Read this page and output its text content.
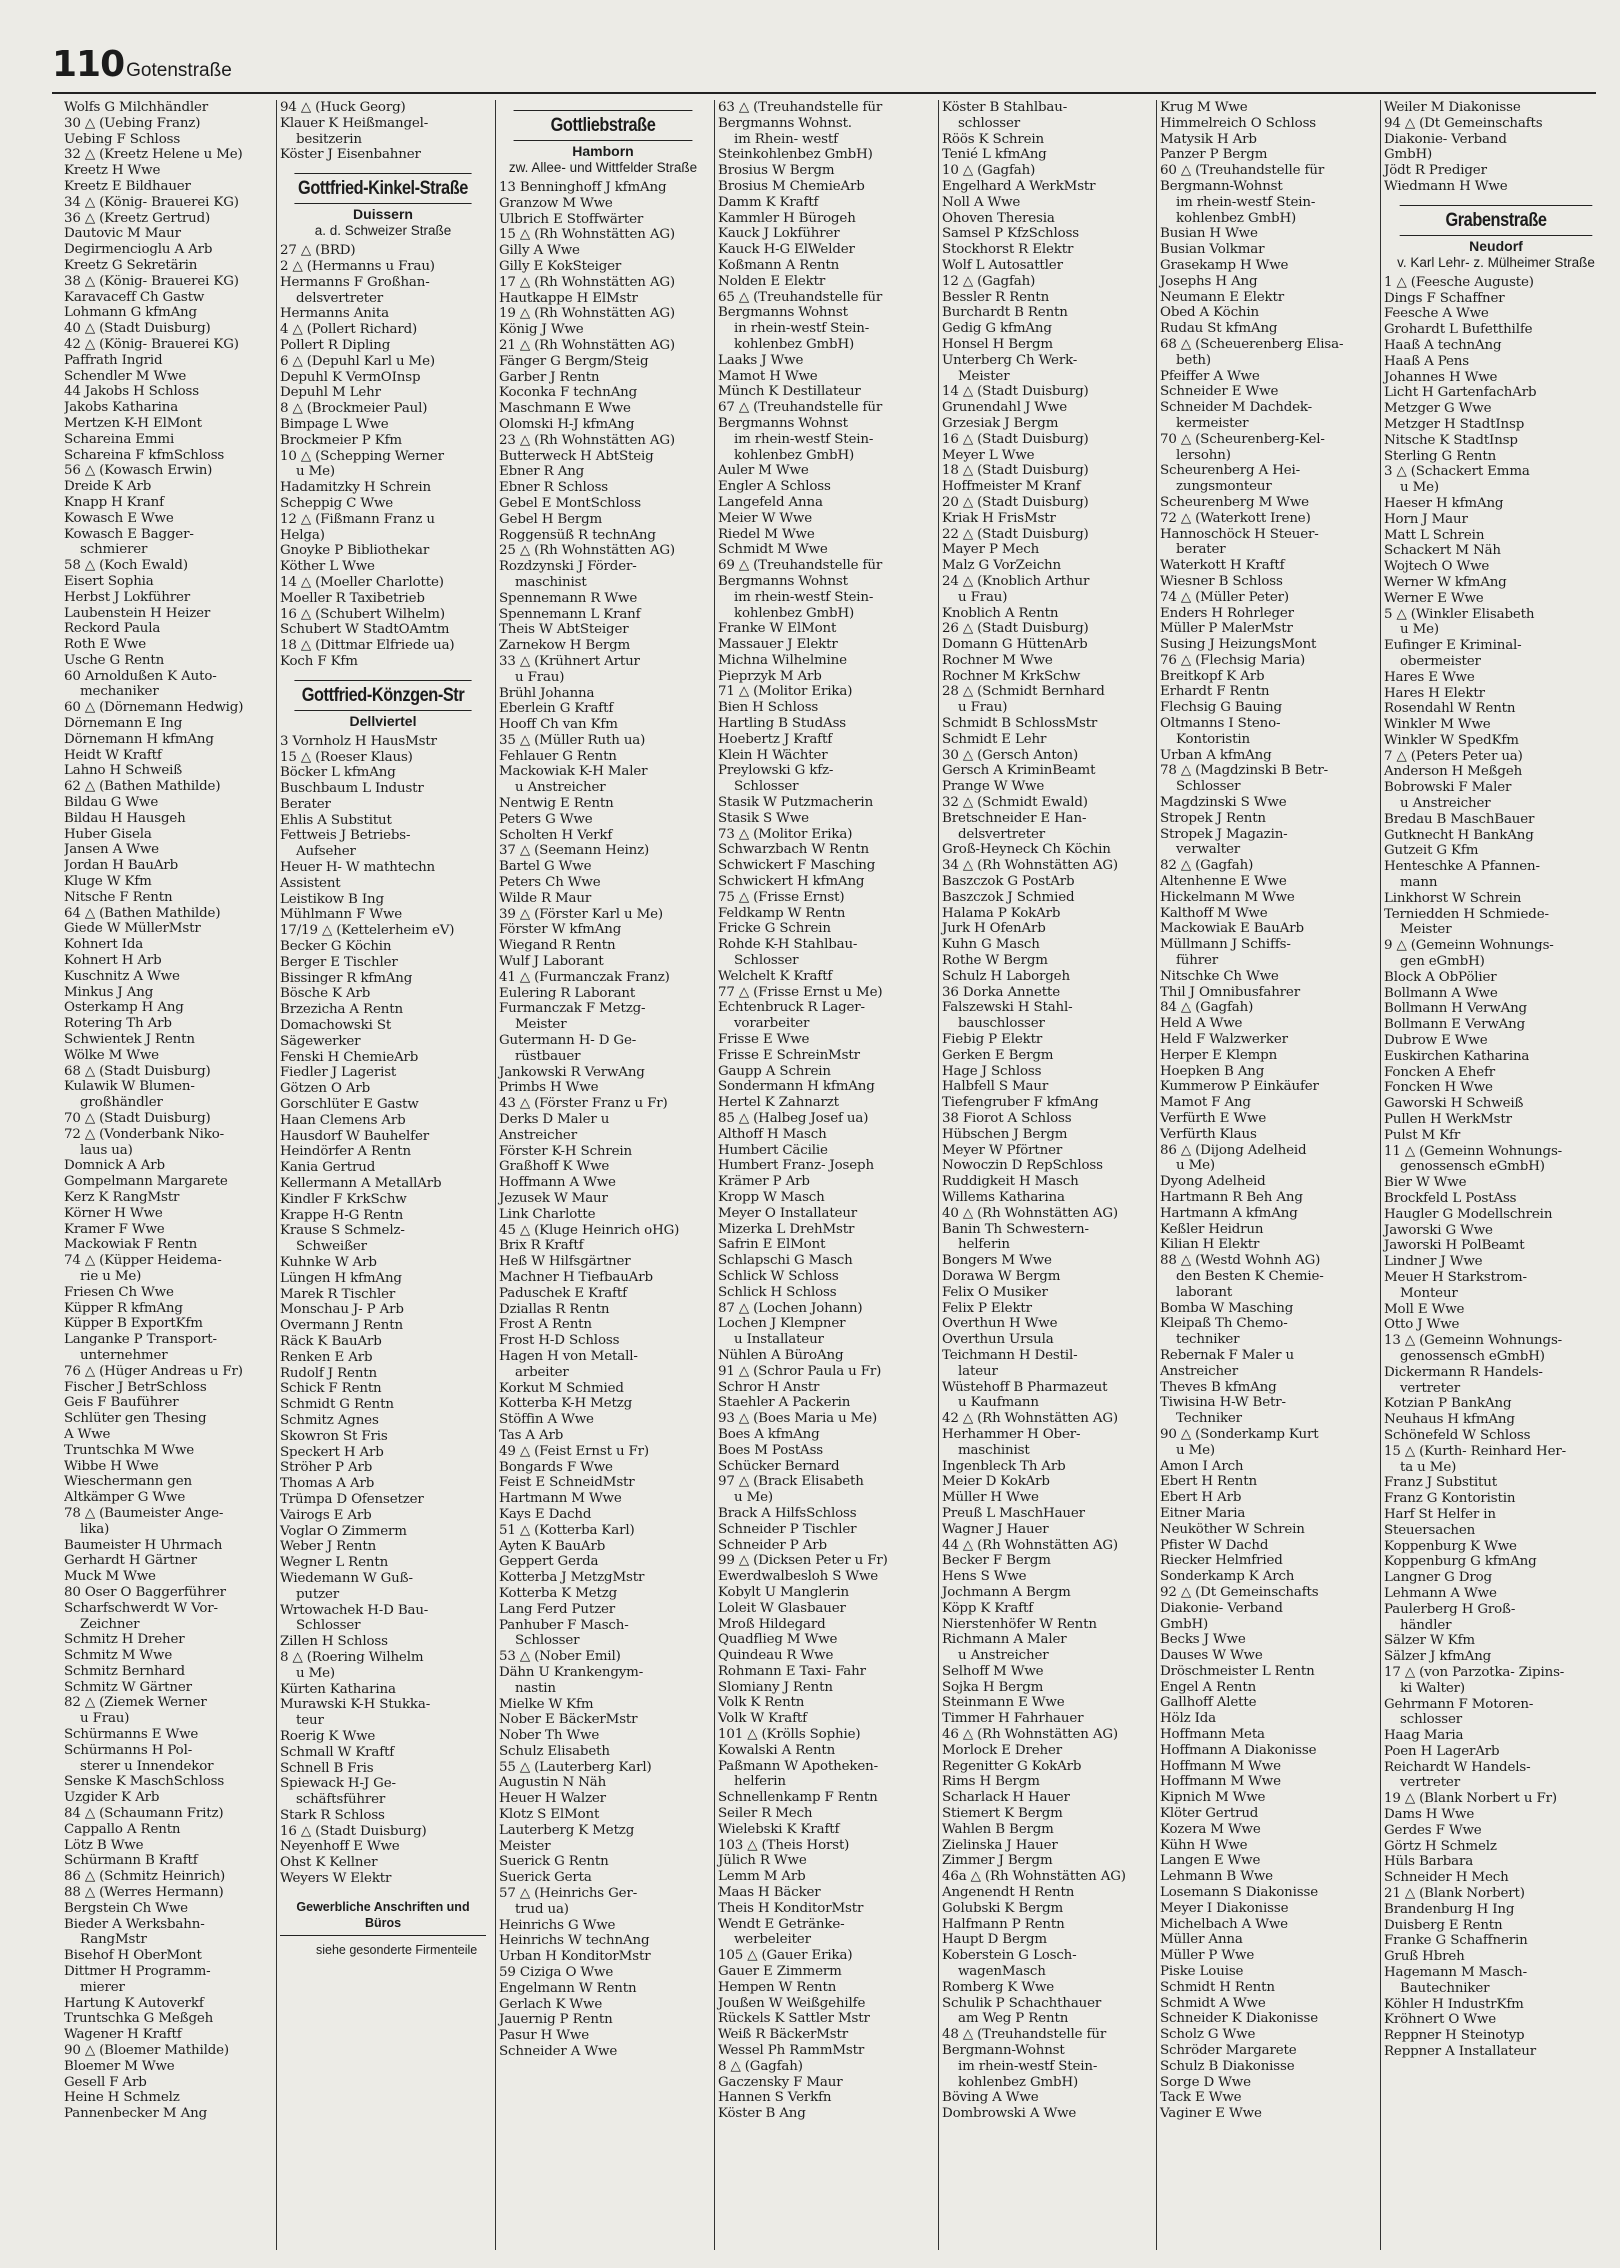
110 Gotenstraße
Wolfs G Milchhändler
30 △ (Uebing Franz)
Uebing F Schloss
32 △ (Kreetz Helene u Me)
Kreetz H Wwe
Kreetz E Bildhauer
34 △ (König- Brauerei KG)
36 △ (Kreetz Gertrud)
Dautovic M Maur
Degirmencioglu A Arb
Kreetz G Sekretärin
38 △ (König- Brauerei KG)
Karavaceff Ch Gastw
Lohmann G kfmAng
40 △ (Stadt Duisburg)
42 △ (König- Brauerei KG)
Paffrath Ingrid
Schendler M Wwe
44 Jakobs H Schloss
Jakobs Katharina
Mertzen K-H ElMont
Schareina Emmi
Schareina F kfmSchloss
56 △ (Kowasch Erwin)
Dreide K Arb
Knapp H Kranf
Kowasch E Wwe
Kowasch E Bagger-
schmierer
58 △ (Koch Ewald)
Eisert Sophia
Herbst J Lokführer
Laubenstein H Heizer
Reckord Paula
Roth E Wwe
Usche G Rentn
60 Arnoldußen K Auto-
mechaniker
60 △ (Dörnemann Hedwig)
Dörnemann E Ing
Dörnemann H kfmAng
Heidt W Kraftf
Lahno H Schweiß
62 △ (Bathen Mathilde)
Bildau G Wwe
Bildau H Hausgeh
Huber Gisela
Jansen A Wwe
Jordan H BauArb
Kluge W Kfm
Nitsche F Rentn
64 △ (Bathen Mathilde)
Giede W MüllerMstr
Kohnert Ida
Kohnert H Arb
Kuschnitz A Wwe
Minkus J Ang
Osterkamp H Ang
Rotering Th Arb
Schwientek J Rentn
Wölke M Wwe
68 △ (Stadt Duisburg)
Kulawik W Blumen-
großhändler
70 △ (Stadt Duisburg)
72 △ (Vonderbank Niko-
laus ua)
Domnick A Arb
Gompelmann Margarete
Kerz K RangMstr
Körner H Wwe
Kramer F Wwe
Mackowiak F Rentn
74 △ (Küpper Heidema-
rie u Me)
Friesen Ch Wwe
Küpper R kfmAng
Küpper B ExportKfm
Langanke P Transport-
unternehmer
76 △ (Hüger Andreas u Fr)
Fischer J BetrSchloss
Geis F Bauführer
Schlüter gen Thesing
A Wwe
Truntschka M Wwe
Wibbe H Wwe
Wieschermann gen
Altkämper G Wwe
78 △ (Baumeister Ange-
lika)
Baumeister H Uhrmach
Gerhardt H Gärtner
Muck M Wwe
80 Oser O Baggerführer
Scharfschwerdt W Vor-
Zeichner
Schmitz H Dreher
Schmitz M Wwe
Schmitz Bernhard
Schmitz W Gärtner
82 △ (Ziemek Werner
u Frau)
Schürmanns E Wwe
Schürmanns H Pol-
sterer u Innendekor
Senske K MaschSchloss
Uzgider K Arb
84 △ (Schaumann Fritz)
Cappallo A Rentn
Lötz B Wwe
Schürmann B Kraftf
86 △ (Schmitz Heinrich)
88 △ (Werres Hermann)
Bergstein Ch Wwe
Bieder A Werksbahn-
RangMstr
Bisehof H OberMont
Dittmer H Programm-
mierer
Hartung K Autoverkf
Truntschka G Meßgeh
Wagener H Kraftf
90 △ (Bloemer Mathilde)
Bloemer M Wwe
Gesell F Arb
Heine H Schmelz
Pannenbecker M Ang
94 △ (Huck Georg)
Klauer K Heißmangel-
besitzerin
Köster J Eisenbahner
Gottfried-Kinkel-Straße
Duissern
a. d. Schweizer Straße
27 △ (BRD)
2 △ (Hermanns u Frau)
Hermanns F Großhan-
delsvertreter
Hermanns Anita
4 △ (Pollert Richard)
Pollert R Dipling
6 △ (Depuhl Karl u Me)
Depuhl K VermOInsp
Depuhl M Lehr
8 △ (Brockmeier Paul)
Bimpage L Wwe
Brockmeier P Kfm
10 △ (Schepping Werner
u Me)
Hadamitzky H Schrein
Scheppig C Wwe
12 △ (Fißmann Franz u
Helga)
Gnoyke P Bibliothekar
Köther L Wwe
14 △ (Moeller Charlotte)
Moeller R Taxibetrieb
16 △ (Schubert Wilhelm)
Schubert W StadtOAmtm
18 △ (Dittmar Elfriede ua)
Koch F Kfm
Gottfried-Könzgen-Str
Dellviertel
3 Vornholz H HausMstr
15 △ (Roeser Klaus)
Böcker L kfmAng
Buschbaum L Industr
Berater
Ehlis A Substitut
Fettweis J Betriebs-
Aufseher
Heuer H- W mathtechn
Assistent
Leistikow B Ing
Mühlmann F Wwe
17/19 △ (Kettelerheim eV)
Becker G Köchin
Berger E Tischler
Bissinger R kfmAng
Bösche K Arb
Brzezicha A Rentn
Domachowski St
Sägewerker
Fenski H ChemieArb
Fiedler J Lagerist
Götzen O Arb
Gorschlüter E Gastw
Haan Clemens Arb
Hausdorf W Bauhelfer
Heindörfer A Rentn
Kania Gertrud
Kellermann A MetallArb
Kindler F KrkSchw
Krappe H-G Rentn
Krause S Schmelz-
Schweißer
Kuhnke W Arb
Lüngen H kfmAng
Marek R Tischler
Monschau J- P Arb
Overmann J Rentn
Räck K BauArb
Renken E Arb
Rudolf J Rentn
Schick F Rentn
Schmidt G Rentn
Schmitz Agnes
Skowron St Fris
Speckert H Arb
Ströher P Arb
Thomas A Arb
Trümpa D Ofensetzer
Vairogs E Arb
Voglar O Zimmerm
Weber J Rentn
Wegner L Rentn
Wiedemann W Guß-
putzer
Wrtowachek H-D Bau-
Schlosser
Zillen H Schloss
8 △ (Roering Wilhelm
u Me)
Kürten Katharina
Murawski K-H Stukka-
teur
Roerig K Wwe
Schmall W Kraftf
Schnell B Fris
Spiewack H-J Ge-
schäftsführer
Stark R Schloss
16 △ (Stadt Duisburg)
Neyenhoff E Wwe
Ohst K Kellner
Weyers W Elektr
Gewerbliche Anschriften und Büros
siehe gesonderte Firmenteile
Gottliebstraße
Hamborn
zw. Allee- und Wittfelder Straße
13 Benninghoff J kfmAng
Granzow M Wwe
Ulbrich E Stoffwärter
15 △ (Rh Wohnstätten AG)
Gilly A Wwe
Gilly E KokSteiger
17 △ (Rh Wohnstätten AG)
Hautkappe H ElMstr
19 △ (Rh Wohnstätten AG)
König J Wwe
21 △ (Rh Wohnstätten AG)
Fänger G Bergm/Steig
Garber J Rentn
Koconka F technAng
Maschmann E Wwe
Olomski H-J kfmAng
23 △ (Rh Wohnstätten AG)
Butterweck H AbtSteig
Ebner R Ang
Ebner R Schloss
Gebel E MontSchloss
Gebel H Bergm
Roggensüß R technAng
25 △ (Rh Wohnstätten AG)
Rozdzynski J Förder-
maschinist
Spennemann R Wwe
Spennemann L Kranf
Theis W AbtSteiger
Zarnekow H Bergm
33 △ (Krühnert Artur
u Frau)
Brühl Johanna
Eberlein G Kraftf
Hooff Ch van Kfm
35 △ (Müller Ruth ua)
Fehlauer G Rentn
Mackowiak K-H Maler
u Anstreicher
Nentwig E Rentn
Peters G Wwe
Scholten H Verkf
37 △ (Seemann Heinz)
Bartel G Wwe
Peters Ch Wwe
Wilde R Maur
39 △ (Förster Karl u Me)
Förster W kfmAng
Wiegand R Rentn
Wulf J Laborant
41 △ (Furmanczak Franz)
Eulering R Laborant
Furmanczak F Metzg-
Meister
Gutermann H- D Ge-
rüstbauer
Jankowski R VerwAng
Primbs H Wwe
43 △ (Förster Franz u Fr)
Derks D Maler u
Anstreicher
Förster K-H Schrein
Graßhoff K Wwe
Hoffmann A Wwe
Jezusek W Maur
Link Charlotte
45 △ (Kluge Heinrich oHG)
Brix R Kraftf
Heß W Hilfsgärtner
Machner H TiefbauArb
Paduschek E Kraftf
Dziallas R Rentn
Frost A Rentn
Frost H-D Schloss
Hagen H von Metall-
arbeiter
Korkut M Schmied
Kotterba K-H Metzg
Stöffin A Wwe
Tas A Arb
49 △ (Feist Ernst u Fr)
Bongards F Wwe
Feist E SchneidMstr
Hartmann M Wwe
Kays E Dachd
51 △ (Kotterba Karl)
Ayten K BauArb
Geppert Gerda
Kotterba J MetzgMstr
Kotterba K Metzg
Lang Ferd Putzer
Panhuber F Masch-
Schlosser
53 △ (Nober Emil)
Dähn U Krankengym-
nastin
Mielke W Kfm
Nober E BäckerMstr
Nober Th Wwe
Schulz Elisabeth
55 △ (Lauterberg Karl)
Augustin N Näh
Heuer H Walzer
Klotz S ElMont
Lauterberg K Metzg
Meister
Suerick G Rentn
Suerick Gerta
57 △ (Heinrichs Ger-
trud ua)
Heinrichs G Wwe
Heinrichs W technAng
Urban H KonditorMstr
59 Ciziga O Wwe
Engelmann W Rentn
Gerlach K Wwe
Jauernig P Rentn
Pasur H Wwe
Schneider A Wwe
63 △ (Treuhandstelle für
Bergmanns Wohnst.
im Rhein- westf
Steinkohlenbez GmbH)
Brosius W Bergm
Brosius M ChemieArb
Damm K Kraftf
Kammler H Bürogeh
Kauck J Lokführer
Kauck H-G ElWelder
Koßmann A Rentn
Nolden E Elektr
65 △ (Treuhandstelle für
Bergmanns Wohnst
in rhein-westf Stein-
kohlenbez GmbH)
Laaks J Wwe
Mamot H Wwe
Münch K Destillateur
67 △ (Treuhandstelle für
Bergmanns Wohnst
im rhein-westf Stein-
kohlenbez GmbH)
Auler M Wwe
Engler A Schloss
Langefeld Anna
Meier W Wwe
Riedel M Wwe
Schmidt M Wwe
69 △ (Treuhandstelle für
Bergmanns Wohnst
im rhein-westf Stein-
kohlenbez GmbH)
Franke W ElMont
Massauer J Elektr
Michna Wilhelmine
Pieprzyk M Arb
71 △ (Molitor Erika)
Bien H Schloss
Hartling B StudAss
Hoebertz J Kraftf
Klein H Wächter
Preylowski G kfz-
Schlosser
Stasik W Putzmacherin
Stasik S Wwe
73 △ (Molitor Erika)
Schwarzbach W Rentn
Schwickert F Masching
Schwickert H kfmAng
75 △ (Frisse Ernst)
Feldkamp W Rentn
Fricke G Schrein
Rohde K-H Stahlbau-
Schlosser
Welchelt K Kraftf
77 △ (Frisse Ernst u Me)
Echtenbruck R Lager-
vorarbeiter
Frisse E Wwe
Frisse E SchreinMstr
Gaupp A Schrein
Sondermann H kfmAng
Hertel K Zahnarzt
85 △ (Halbeg Josef ua)
Althoff H Masch
Humbert Cäcilie
Humbert Franz- Joseph
Krämer P Arb
Kropp W Masch
Meyer O Installateur
Mizerka L DrehMstr
Safrin E ElMont
Schlapschi G Masch
Schlick W Schloss
Schlick H Schloss
87 △ (Lochen Johann)
Lochen J Klempner
u Installateur
Nühlen A BüroAng
91 △ (Schror Paula u Fr)
Schror H Anstr
Staehler A Packerin
93 △ (Boes Maria u Me)
Boes A kfmAng
Boes M PostAss
Schücker Bernard
97 △ (Brack Elisabeth
u Me)
Brack A HilfsSchloss
Schneider P Tischler
Schneider P Arb
99 △ (Dicksen Peter u Fr)
Ewerdwalbesloh S Wwe
Kobylt U Manglerin
Loleit W Glasbauer
Mroß Hildegard
Quadflieg M Wwe
Quindeau R Wwe
Rohmann E Taxi- Fahr
Slomiany J Rentn
Volk K Rentn
Volk W Kraftf
101 △ (Krölls Sophie)
Kowalski A Rentn
Paßmann W Apotheken-
helferin
Schnellenkamp F Rentn
Seiler R Mech
Wielebski K Kraftf
103 △ (Theis Horst)
Jülich R Wwe
Lemm M Arb
Maas H Bäcker
Theis H KonditorMstr
Wendt E Getränke-
werbeleiter
105 △ (Gauer Erika)
Gauer E Zimmerm
Hempen W Rentn
Joußen W Weißgehilfe
Rückels K Sattler Mstr
Weiß R BäckerMstr
Wessel Ph RammMstr
8 △ (Gagfah)
Gaczensky F Maur
Hannen S Verkfn
Köster B Ang
Köster B Stahlbau-
schlosser
Röös K Schrein
Tenié L kfmAng
10 △ (Gagfah)
Engelhard A WerkMstr
Noll A Wwe
Ohoven Theresia
Samsel P KfzSchloss
Stockhorst R Elektr
Wolf L Autosattler
12 △ (Gagfah)
Bessler R Rentn
Burchardt B Rentn
Gedig G kfmAng
Honsel H Bergm
Unterberg Ch Werk-
Meister
14 △ (Stadt Duisburg)
Grunendahl J Wwe
Grzesiak J Bergm
16 △ (Stadt Duisburg)
Meyer L Wwe
18 △ (Stadt Duisburg)
Hoffmeister M Kranf
20 △ (Stadt Duisburg)
Kriak H FrisMstr
22 △ (Stadt Duisburg)
Mayer P Mech
Malz G VorZeichn
24 △ (Knoblich Arthur
u Frau)
Knoblich A Rentn
26 △ (Stadt Duisburg)
Domann G HüttenArb
Rochner M Wwe
Rochner M KrkSchw
28 △ (Schmidt Bernhard
u Frau)
Schmidt B SchlossMstr
Schmidt E Lehr
30 △ (Gersch Anton)
Gersch A KriminBeamt
Prange W Wwe
32 △ (Schmidt Ewald)
Bretschneider E Han-
delsvertreter
Groß-Heyneck Ch Köchin
34 △ (Rh Wohnstätten AG)
Baszczok G PostArb
Baszczok J Schmied
Halama P KokArb
Jurk H OfenArb
Kuhn G Masch
Rothe W Bergm
Schulz H Laborgeh
36 Dorka Annette
Falszewski H Stahl-
bauschlosser
Fiebig P Elektr
Gerken E Bergm
Hage J Schloss
Halbfell S Maur
Tiefengruber F kfmAng
38 Fiorot A Schloss
Hübschen J Bergm
Meyer W Pförtner
Nowoczin D RepSchloss
Ruddigkeit H Masch
Willems Katharina
40 △ (Rh Wohnstätten AG)
Banin Th Schwestern-
helferin
Bongers M Wwe
Dorawa W Bergm
Felix O Musiker
Felix P Elektr
Overthun H Wwe
Overthun Ursula
Teichmann H Destil-
lateur
Wüstehoff B Pharmazeut
u Kaufmann
42 △ (Rh Wohnstätten AG)
Herhammer H Ober-
maschinist
Ingenbleck Th Arb
Meier D KokArb
Müller H Wwe
Preuß L MaschHauer
Wagner J Hauer
44 △ (Rh Wohnstätten AG)
Becker F Bergm
Hens S Wwe
Jochmann A Bergm
Köpp K Kraftf
Nierstenhöfer W Rentn
Richmann A Maler
u Anstreicher
Selhoff M Wwe
Sojka H Bergm
Steinmann E Wwe
Timmer H Fahrhauer
46 △ (Rh Wohnstätten AG)
Morlock E Dreher
Regenitter G KokArb
Rims H Bergm
Scharlack H Hauer
Stiemert K Bergm
Wahlen B Bergm
Zielinska J Hauer
Zimmer J Bergm
46a △ (Rh Wohnstätten AG)
Angenendt H Rentn
Golubski K Bergm
Halfmann P Rentn
Haupt D Bergm
Koberstein G Losch-
wagenMasch
Romberg K Wwe
Schulik P Schachthauer
am Weg P Rentn
48 △ (Treuhandstelle für
Bergmann-Wohnst
im rhein-westf Stein-
kohlenbez GmbH)
Böving A Wwe
Dombrowski A Wwe
Krug M Wwe
Himmelreich O Schloss
Matysik H Arb
Panzer P Bergm
60 △ (Treuhandstelle für
Bergmann-Wohnst
im rhein-westf Stein-
kohlenbez GmbH)
Busian H Wwe
Busian Volkmar
Grasekamp H Wwe
Josephs H Ang
Neumann E Elektr
Obed A Köchin
Rudau St kfmAng
68 △ (Scheuerenberg Elisa-
beth)
Pfeiffer A Wwe
Schneider E Wwe
Schneider M Dachdek-
kermeister
70 △ (Scheurenberg-Kel-
lersohn)
Scheurenberg A Hei-
zungsmonteur
Scheurenberg M Wwe
72 △ (Waterkott Irene)
Hannoschöck H Steuer-
berater
Waterkott H Kraftf
Wiesner B Schloss
74 △ (Müller Peter)
Enders H Rohrleger
Müller P MalerMstr
Susing J HeizungsMont
76 △ (Flechsig Maria)
Breitkopf K Arb
Erhardt F Rentn
Flechsig G Bauing
Oltmanns I Steno-
Kontoristin
Urban A kfmAng
78 △ (Magdzinski B Betr-
Schlosser
Magdzinski S Wwe
Stropek J Rentn
Stropek J Magazin-
verwalter
82 △ (Gagfah)
Altenhenne E Wwe
Hickelmann M Wwe
Kalthoff M Wwe
Mackowiak E BauArb
Müllmann J Schiffs-
führer
Nitschke Ch Wwe
Thil J Omnibusfahrer
84 △ (Gagfah)
Held A Wwe
Held F Walzwerker
Herper E Klempn
Hoepken B Ang
Kummerow P Einkäufer
Mamot F Ang
Verfürth E Wwe
Verfürth Klaus
86 △ (Dijong Adelheid
u Me)
Dyong Adelheid
Hartmann R Beh Ang
Hartmann A kfmAng
Keßler Heidrun
Kilian H Elektr
88 △ (Westd Wohnh AG)
den Besten K Chemie-
laborant
Bomba W Masching
Kleipaß Th Chemo-
techniker
Rebernak F Maler u
Anstreicher
Theves B kfmAng
Tiwisina H-W Betr-
Techniker
90 △ (Sonderkamp Kurt
u Me)
Amon I Arch
Ebert H Rentn
Ebert H Arb
Eitner Maria
Neuköther W Schrein
Pfister W Dachd
Riecker Helmfried
Sonderkamp K Arch
92 △ (Dt Gemeinschafts
Diakonie- Verband
GmbH)
Becks J Wwe
Dauses W Wwe
Dröschmeister L Rentn
Engel A Rentn
Gallhoff Alette
Hölz Ida
Hoffmann Meta
Hoffmann A Diakonisse
Hoffmann M Wwe
Hoffmann M Wwe
Kipnich M Wwe
Klöter Gertrud
Kozera M Wwe
Kühn H Wwe
Langen E Wwe
Lehmann B Wwe
Losemann S Diakonisse
Meyer I Diakonisse
Michelbach A Wwe
Müller Anna
Müller P Wwe
Piske Louise
Schmidt H Rentn
Schmidt A Wwe
Schneider K Diakonisse
Scholz G Wwe
Schröder Margarete
Schulz B Diakonisse
Sorge D Wwe
Tack E Wwe
Vaginer E Wwe
Weiler M Diakonisse
94 △ (Dt Gemeinschafts
Diakonie- Verband
GmbH)
Jödt R Prediger
Wiedmann H Wwe
Grabenstraße
Neudorf
v. Karl Lehr- z. Mülheimer Straße
1 △ (Feesche Auguste)
Dings F Schaffner
Feesche A Wwe
Grohardt L Bufetthilfe
Haaß A technAng
Haaß A Pens
Johannes H Wwe
Licht H GartenfachArb
Metzger G Wwe
Metzger H StadtInsp
Nitsche K StadtInsp
Sterling G Rentn
3 △ (Schackert Emma
u Me)
Haeser H kfmAng
Horn J Maur
Matt L Schrein
Schackert M Näh
Wojtech O Wwe
Werner W kfmAng
Werner E Wwe
5 △ (Winkler Elisabeth
u Me)
Eufinger E Kriminal-
obermeister
Hares E Wwe
Hares H Elektr
Rosendahl W Rentn
Winkler M Wwe
Winkler W SpedKfm
7 △ (Peters Peter ua)
Anderson H Meßgeh
Bobrowski F Maler
u Anstreicher
Bredau B MaschBauer
Gutknecht H BankAng
Gutzeit G Kfm
Henteschke A Pfannen-
mann
Linkhorst W Schrein
Terniedden H Schmiede-
Meister
9 △ (Gemeinn Wohnungs-
gen eGmbH)
Block A ObPölier
Bollmann A Wwe
Bollmann H VerwAng
Bollmann E VerwAng
Dubrow E Wwe
Euskirchen Katharina
Foncken A Ehefr
Foncken H Wwe
Gaworski H Schweiß
Pullen H WerkMstr
Pulst M Kfr
11 △ (Gemeinn Wohnungs-
genossensch eGmbH)
Bier W Wwe
Brockfeld L PostAss
Haugler G Modellschrein
Jaworski G Wwe
Jaworski H PolBeamt
Lindner J Wwe
Meuer H Starkstrom-
Monteur
Moll E Wwe
Otto J Wwe
13 △ (Gemeinn Wohnungs-
genossensch eGmbH)
Dickermann R Handels-
vertreter
Kotzian P BankAng
Neuhaus H kfmAng
Schönefeld W Schloss
15 △ (Kurth- Reinhard Her-
ta u Me)
Franz J Substitut
Franz G Kontoristin
Harf St Helfer in
Steuersachen
Koppenburg K Wwe
Koppenburg G kfmAng
Langner G Drog
Lehmann A Wwe
Paulerberg H Groß-
händler
Sälzer W Kfm
Sälzer J kfmAng
17 △ (von Parzotka- Zipins-
ki Walter)
Gehrmann F Motoren-
schlosser
Haag Maria
Poen H LagerArb
Reichardt W Handels-
vertreter
19 △ (Blank Norbert u Fr)
Dams H Wwe
Gerdes F Wwe
Görtz H Schmelz
Hüls Barbara
Schneider H Mech
21 △ (Blank Norbert)
Brandenburg H Ing
Duisberg E Rentn
Franke G Schaffnerin
Gruß Hbreh
Hagemann M Masch-
Bautechniker
Köhler H IndustrKfm
Kröhnert O Wwe
Reppner H Steinotyp
Reppner A Installateur
